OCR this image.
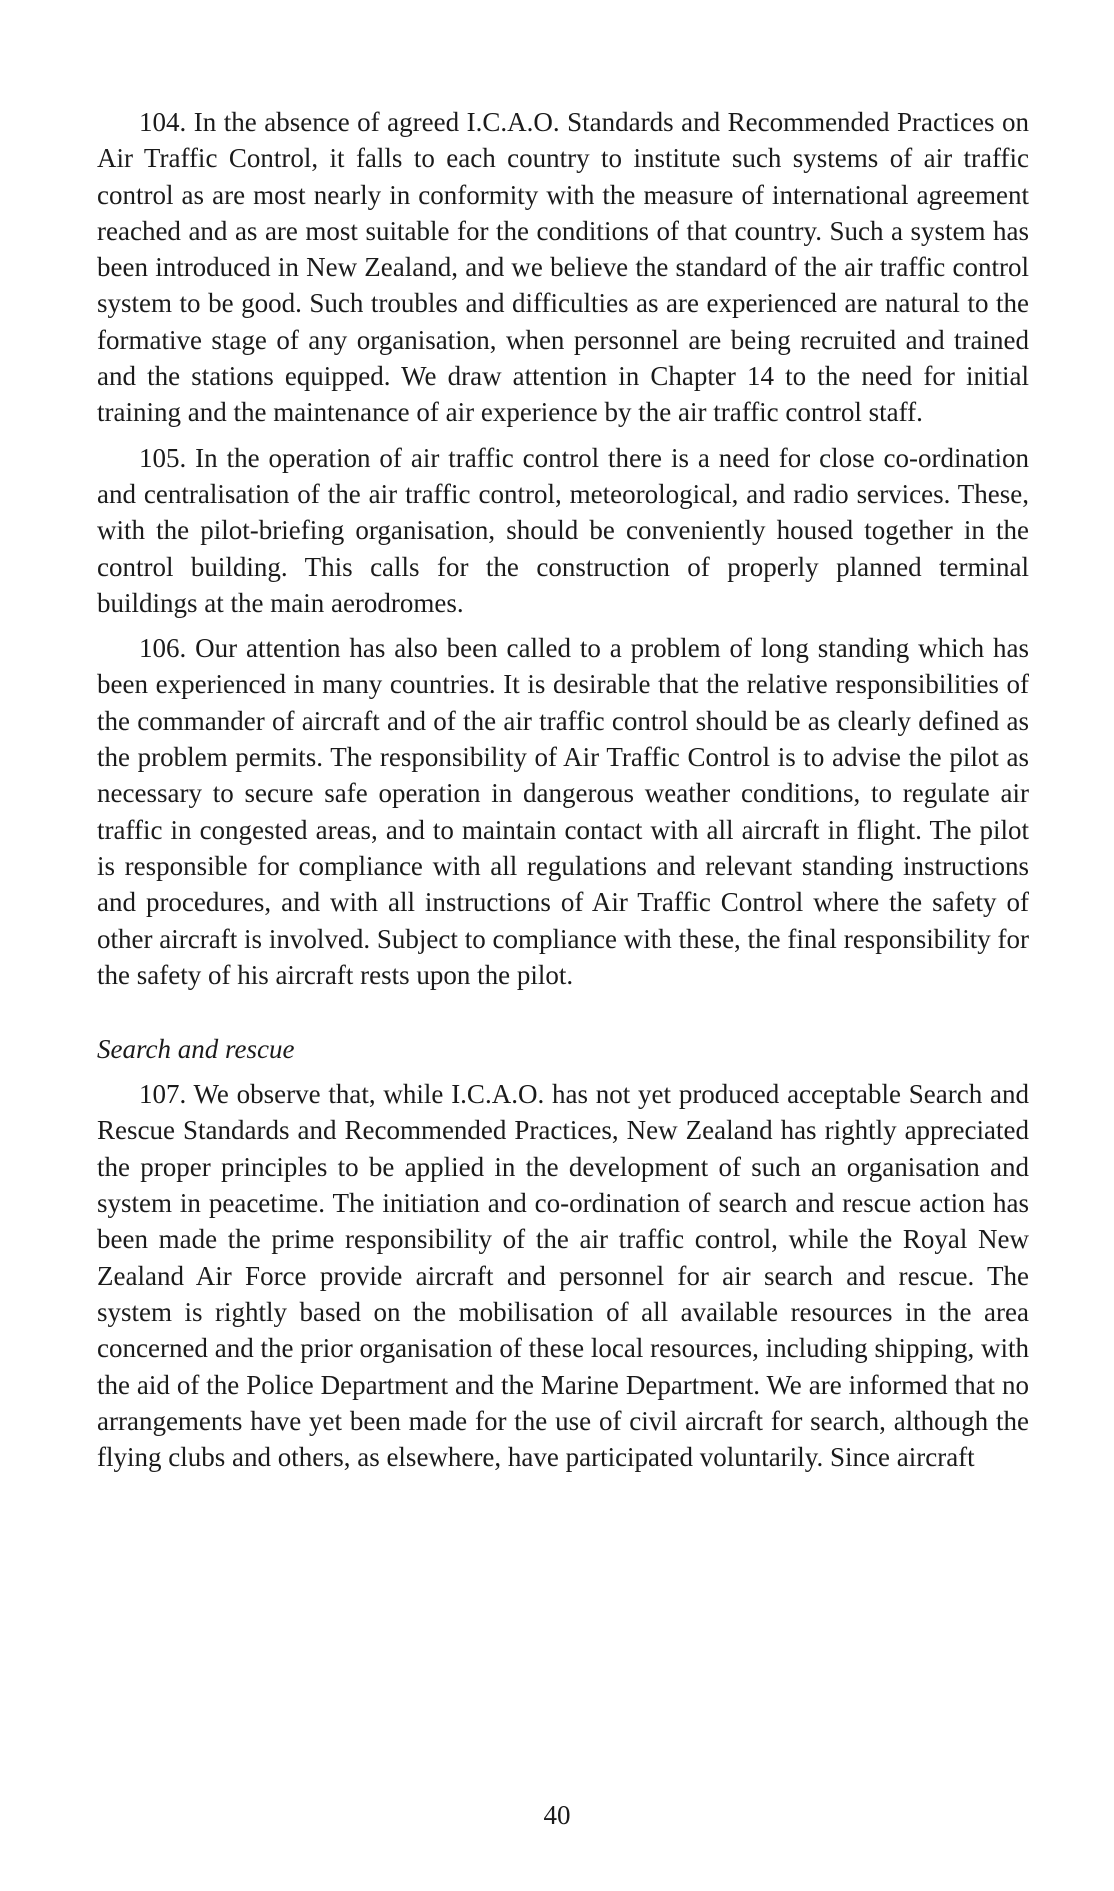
104. In the absence of agreed I.C.A.O. Standards and Recommended Practices on Air Traffic Control, it falls to each country to institute such systems of air traffic control as are most nearly in conformity with the measure of international agreement reached and as are most suitable for the conditions of that country. Such a system has been introduced in New Zealand, and we believe the standard of the air traffic control system to be good. Such troubles and difficulties as are experienced are natural to the formative stage of any organisation, when personnel are being recruited and trained and the stations equipped. We draw attention in Chapter 14 to the need for initial training and the maintenance of air experience by the air traffic control staff.

105. In the operation of air traffic control there is a need for close co-ordination and centralisation of the air traffic control, meteorological, and radio services. These, with the pilot-briefing organisation, should be conveniently housed together in the control building. This calls for the construction of properly planned terminal buildings at the main aerodromes.

106. Our attention has also been called to a problem of long standing which has been experienced in many countries. It is desirable that the relative responsibilities of the commander of aircraft and of the air traffic control should be as clearly defined as the problem permits. The responsibility of Air Traffic Control is to advise the pilot as necessary to secure safe operation in dangerous weather conditions, to regulate air traffic in congested areas, and to maintain contact with all aircraft in flight. The pilot is responsible for compliance with all regulations and relevant standing instructions and procedures, and with all instructions of Air Traffic Control where the safety of other aircraft is involved. Subject to compliance with these, the final responsibility for the safety of his aircraft rests upon the pilot.

Search and rescue

107. We observe that, while I.C.A.O. has not yet produced acceptable Search and Rescue Standards and Recommended Practices, New Zealand has rightly appreciated the proper principles to be applied in the development of such an organisation and system in peacetime. The initiation and co-ordination of search and rescue action has been made the prime responsibility of the air traffic control, while the Royal New Zealand Air Force provide aircraft and personnel for air search and rescue. The system is rightly based on the mobilisation of all available resources in the area concerned and the prior organisation of these local resources, including shipping, with the aid of the Police Department and the Marine Department. We are informed that no arrangements have yet been made for the use of civil aircraft for search, although the flying clubs and others, as elsewhere, have participated voluntarily. Since aircraft

40
